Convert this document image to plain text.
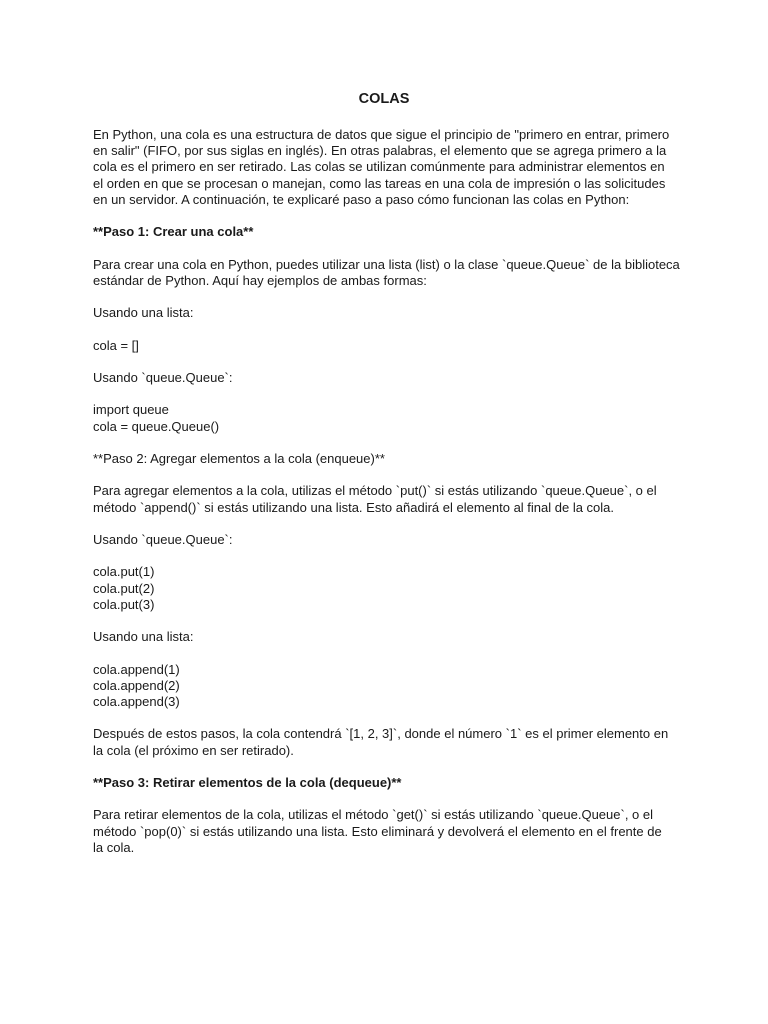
COLAS

En Python, una cola es una estructura de datos que sigue el principio de "primero en entrar, primero
en salir" (FIFO, por sus siglas en inglés). En otras palabras, el elemento que se agrega primero a la
cola es el primero en ser retirado. Las colas se utilizan comúnmente para administrar elementos en
el orden en que se procesan o manejan, como las tareas en una cola de impresión o las solicitudes
en un servidor. A continuación, te explicaré paso a paso cómo funcionan las colas en Python:

**Paso 1: Crear una cola**

Para crear una cola en Python, puedes utilizar una lista (list) o la clase `queue.Queue` de la biblioteca
estándar de Python. Aquí hay ejemplos de ambas formas:

Usando una lista:

cola = []

Usando `queue.Queue`:

import queue
cola = queue.Queue()

**Paso 2: Agregar elementos a la cola (enqueue)**

Para agregar elementos a la cola, utilizas el método `put()` si estás utilizando `queue.Queue`, o el
método `append()` si estás utilizando una lista. Esto añadirá el elemento al final de la cola.

Usando `queue.Queue`:

cola.put(1)
cola.put(2)
cola.put(3)

Usando una lista:

cola.append(1)
cola.append(2)
cola.append(3)

Después de estos pasos, la cola contendrá `[1, 2, 3]`, donde el número `1` es el primer elemento en
la cola (el próximo en ser retirado).

**Paso 3: Retirar elementos de la cola (dequeue)**

Para retirar elementos de la cola, utilizas el método `get()` si estás utilizando `queue.Queue`, o el
método `pop(0)` si estás utilizando una lista. Esto eliminará y devolverá el elemento en el frente de
la cola.
